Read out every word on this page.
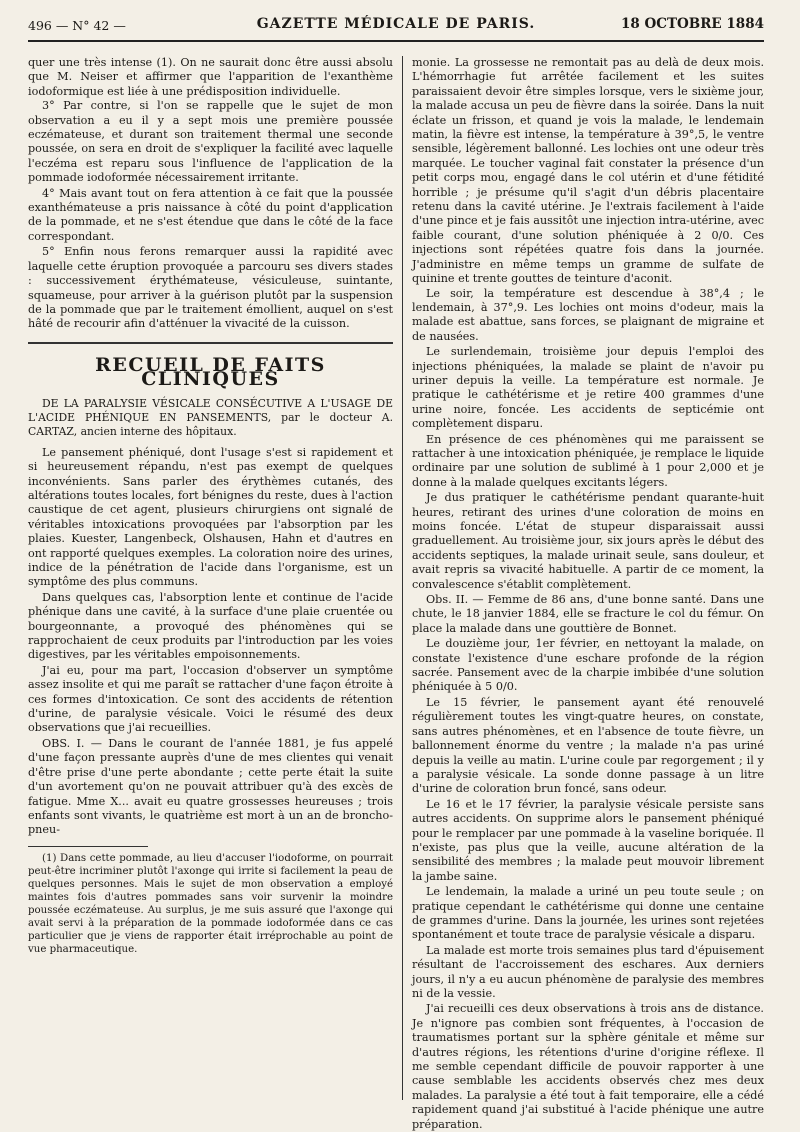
496 — N° 42 —	GAZETTE MÉDICALE DE PARIS.	18 OCTOBRE 1884

quer une très intense (1). On ne saurait donc être aussi absolu que M. Neiser et affirmer que l'apparition de l'exanthème iodoformique est liée à une prédisposition individuelle.

3° Par contre, si l'on se rappelle que le sujet de mon observation a eu il y a sept mois une première poussée eczémateuse, et durant son traitement thermal une seconde poussée, on sera en droit de s'expliquer la facilité avec laquelle l'eczéma est reparu sous l'influence de l'application de la pommade iodoformée nécessairement irritante.

4° Mais avant tout on fera attention à ce fait que la poussée exanthémateuse a pris naissance à côté du point d'application de la pommade, et ne s'est étendue que dans le côté de la face correspondant.

5° Enfin nous ferons remarquer aussi la rapidité avec laquelle cette éruption provoquée a parcouru ses divers stades : successivement érythémateuse, vésiculeuse, suintante, squameuse, pour arriver à la guérison plutôt par la suspension de la pommade que par le traitement émollient, auquel on s'est hâté de recourir afin d'atténuer la vivacité de la cuisson.

RECUEIL DE FAITS CLINIQUES

DE LA PARALYSIE VÉSICALE CONSÉCUTIVE A L'USAGE DE L'ACIDE PHÉNIQUE EN PANSEMENTS, par le docteur A. CARTAZ, ancien interne des hôpitaux.

Le pansement phéniqué, dont l'usage s'est si rapidement et si heureusement répandu, n'est pas exempt de quelques inconvénients. Sans parler des érythèmes cutanés, des altérations toutes locales, fort bénignes du reste, dues à l'action caustique de cet agent, plusieurs chirurgiens ont signalé de véritables intoxications provoquées par l'absorption par les plaies. Kuester, Langenbeck, Olshausen, Hahn et d'autres en ont rapporté quelques exemples. La coloration noire des urines, indice de la pénétration de l'acide dans l'organisme, est un symptôme des plus communs.

Dans quelques cas, l'absorption lente et continue de l'acide phénique dans une cavité, à la surface d'une plaie cruentée ou bourgeonnante, a provoqué des phénomènes qui se rapprochaient de ceux produits par l'introduction par les voies digestives, par les véritables empoisonnements.

J'ai eu, pour ma part, l'occasion d'observer un symptôme assez insolite et qui me paraît se rattacher d'une façon étroite à ces formes d'intoxication. Ce sont des accidents de rétention d'urine, de paralysie vésicale. Voici le résumé des deux observations que j'ai recueillies.

OBS. I. — Dans le courant de l'année 1881, je fus appelé d'une façon pressante auprès d'une de mes clientes qui venait d'être prise d'une perte abondante ; cette perte était la suite d'un avortement qu'on ne pouvait attribuer qu'à des excès de fatigue. Mme X... avait eu quatre grossesses heureuses ; trois enfants sont vivants, le quatrième est mort à un an de broncho-pneu-

(1) Dans cette pommade, au lieu d'accuser l'iodoforme, on pourrait peut-être incriminer plutôt l'axonge qui irrite si facilement la peau de quelques personnes. Mais le sujet de mon observation a employé maintes fois d'autres pommades sans voir survenir la moindre poussée eczémateuse. Au surplus, je me suis assuré que l'axonge qui avait servi à la préparation de la pommade iodoformée dans ce cas particulier que je viens de rapporter était irréprochable au point de vue pharmaceutique.

monie. La grossesse ne remontait pas au delà de deux mois. L'hémorrhagie fut arrêtée facilement et les suites paraissaient devoir être simples lorsque, vers le sixième jour, la malade accusa un peu de fièvre dans la soirée. Dans la nuit éclate un frisson, et quand je vois la malade, le lendemain matin, la fièvre est intense, la température à 39°,5, le ventre sensible, légèrement ballonné. Les lochies ont une odeur très marquée. Le toucher vaginal fait constater la présence d'un petit corps mou, engagé dans le col utérin et d'une fétidité horrible ; je présume qu'il s'agit d'un débris placentaire retenu dans la cavité utérine. Je l'extrais facilement à l'aide d'une pince et je fais aussitôt une injection intra-utérine, avec faible courant, d'une solution phéniquée à 2 0/0. Ces injections sont répétées quatre fois dans la journée. J'administre en même temps un gramme de sulfate de quinine et trente gouttes de teinture d'aconit.

Le soir, la température est descendue à 38°,4 ; le lendemain, à 37°,9. Les lochies ont moins d'odeur, mais la malade est abattue, sans forces, se plaignant de migraine et de nausées.

Le surlendemain, troisième jour depuis l'emploi des injections phéniquées, la malade se plaint de n'avoir pu uriner depuis la veille. La température est normale. Je pratique le cathétérisme et je retire 400 grammes d'une urine noire, foncée. Les accidents de septicémie ont complètement disparu.

En présence de ces phénomènes qui me paraissent se rattacher à une intoxication phéniquée, je remplace le liquide ordinaire par une solution de sublimé à 1 pour 2,000 et je donne à la malade quelques excitants légers.

Je dus pratiquer le cathétérisme pendant quarante-huit heures, retirant des urines d'une coloration de moins en moins foncée. L'état de stupeur disparaissait aussi graduellement. Au troisième jour, six jours après le début des accidents septiques, la malade urinait seule, sans douleur, et avait repris sa vivacité habituelle. A partir de ce moment, la convalescence s'établit complètement.

Obs. II. — Femme de 86 ans, d'une bonne santé. Dans une chute, le 18 janvier 1884, elle se fracture le col du fémur. On place la malade dans une gouttière de Bonnet.

Le douzième jour, 1er février, en nettoyant la malade, on constate l'existence d'une eschare profonde de la région sacrée. Pansement avec de la charpie imbibée d'une solution phéniquée à 5 0/0.

Le 15 février, le pansement ayant été renouvelé régulièrement toutes les vingt-quatre heures, on constate, sans autres phénomènes, et en l'absence de toute fièvre, un ballonnement énorme du ventre ; la malade n'a pas uriné depuis la veille au matin. L'urine coule par regorgement ; il y a paralysie vésicale. La sonde donne passage à un litre d'urine de coloration brun foncé, sans odeur.

Le 16 et le 17 février, la paralysie vésicale persiste sans autres accidents. On supprime alors le pansement phéniqué pour le remplacer par une pommade à la vaseline boriquée. Il n'existe, pas plus que la veille, aucune altération de la sensibilité des membres ; la malade peut mouvoir librement la jambe saine.

Le lendemain, la malade a uriné un peu toute seule ; on pratique cependant le cathétérisme qui donne une centaine de grammes d'urine. Dans la journée, les urines sont rejetées spontanément et toute trace de paralysie vésicale a disparu.

La malade est morte trois semaines plus tard d'épuisement résultant de l'accroissement des eschares. Aux derniers jours, il n'y a eu aucun phénomène de paralysie des membres ni de la vessie.

J'ai recueilli ces deux observations à trois ans de distance. Je n'ignore pas combien sont fréquentes, à l'occasion de traumatismes portant sur la sphère génitale et même sur d'autres régions, les rétentions d'urine d'origine réflexe. Il me semble cependant difficile de pouvoir rapporter à une cause semblable les accidents observés chez mes deux malades. La paralysie a été tout à fait temporaire, elle a cédé rapidement quand j'ai substitué à l'acide phénique une autre préparation.
